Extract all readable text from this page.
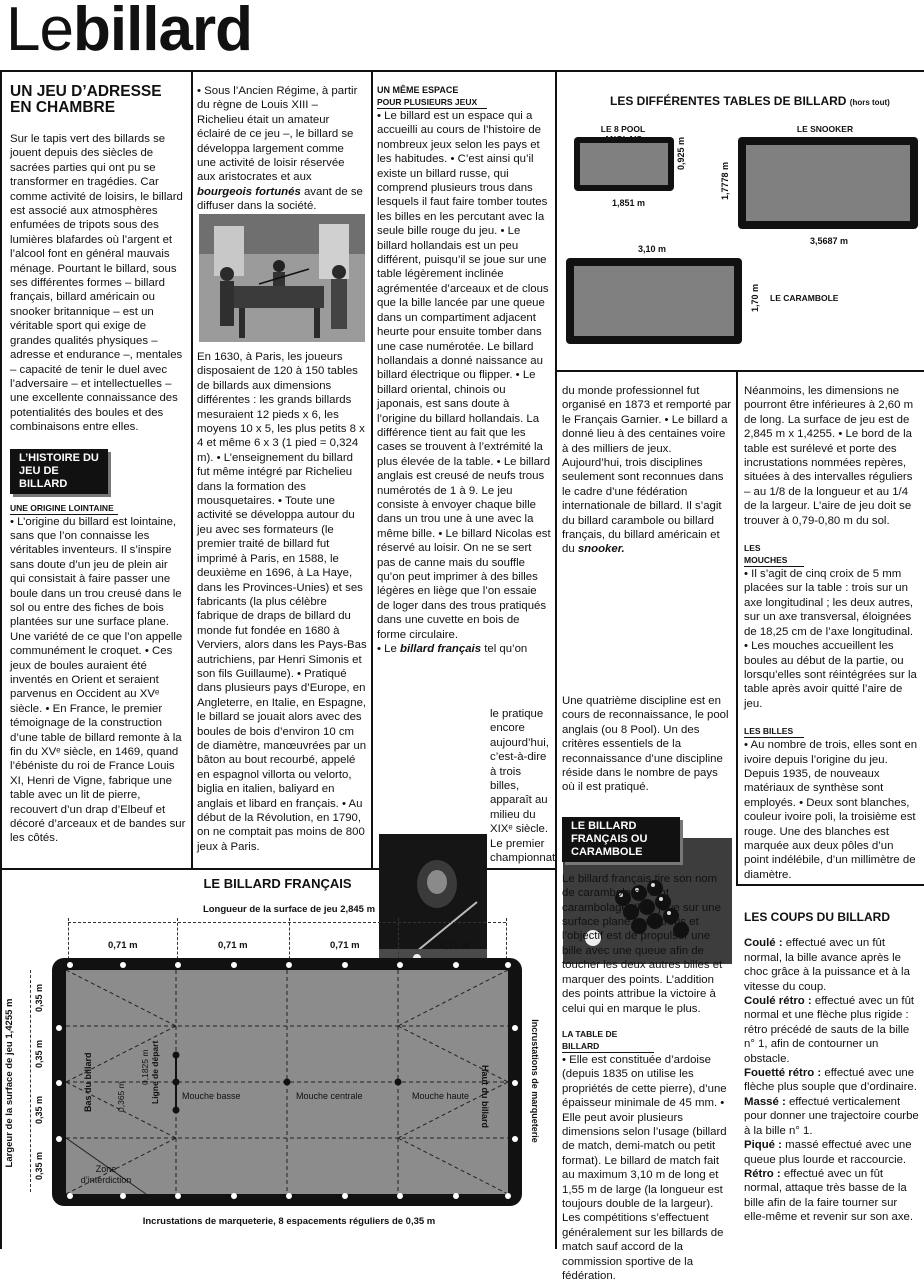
Lebillard
UN JEU D’ADRESSE EN CHAMBRE

Sur le tapis vert des billards se jouent depuis des siècles de sacrées parties qui ont pu se transformer en tragédies. Car comme activité de loisirs, le billard est associé aux atmosphères enfumées de tripots sous des lumières blafardes où l’argent et l’alcool font en général mauvais ménage. Pourtant le billard, sous ses différentes formes – billard français, billard américain ou snooker britannique – est un véritable sport qui exige de grandes qualités physiques – adresse et endurance –, mentales – capacité de tenir le duel avec l’adversaire – et intellectuelles – une excellente connaissance des potentialités des boules et des combinaisons entre elles.

L’HISTOIRE DU JEU DE BILLARD
UNE ORIGINE LOINTAINE

• L’origine du billard est lointaine, sans que l’on connaisse les véritables inventeurs. Il s’inspire sans doute d’un jeu de plein air qui consistait à faire passer une boule dans un trou creusé dans le sol ou entre des fiches de bois plantées sur une surface plane. Une variété de ce que l’on appelle communément le croquet. • Ces jeux de boules auraient été inventés en Orient et seraient parvenus en Occident au XVᵉ siècle. • En France, le premier témoignage de la construction d’une table de billard remonte à la fin du XVᵉ siècle, en 1469, quand l’ébéniste du roi de France Louis XI, Henri de Vigne, fabrique une table avec un lit de pierre, recouvert d’un drap d’Elbeuf et décoré d’arceaux et de bandes sur les côtés.

• Sous l’Ancien Régime, à partir du règne de Louis XIII – Richelieu était un amateur éclairé de ce jeu –, le billard se développa largement comme une activité de loisir réservée aux aristocrates et aux bourgeois fortunés avant de se diffuser dans la société.

En 1630, à Paris, les joueurs disposaient de 120 à 150 tables de billards aux dimensions différentes : les grands billards mesuraient 12 pieds x 6, les moyens 10 x 5, les plus petits 8 x 4 et même 6 x 3 (1 pied = 0,324 m). • L’enseignement du billard fut même intégré par Richelieu dans la formation des mousquetaires. • Toute une activité se développa autour du jeu avec ses formateurs (le premier traité de billard fut imprimé à Paris, en 1588, le deuxième en 1696, à La Haye, dans les Provinces-Unies) et ses fabricants (la plus célèbre fabrique de draps de billard du monde fut fondée en 1680 à Verviers, alors dans les Pays-Bas autrichiens, par Henri Simonis et son fils Guillaume). • Pratiqué dans plusieurs pays d’Europe, en Angleterre, en Italie, en Espagne, le billard se jouait alors avec des boules de bois d’environ 10 cm de diamètre, manœuvrées par un bâton au bout recourbé, appelé en espagnol villorta ou velorto, biglia en italien, baliyard en anglais et libard en français. • Au début de la Révolution, en 1790, on ne comptait pas moins de 800 jeux à Paris.

UN MÊME ESPACE
POUR PLUSIEURS JEUX

• Le billard est un espace qui a accueilli au cours de l’histoire de nombreux jeux selon les pays et les habitudes. • C’est ainsi qu’il existe un billard russe, qui comprend plusieurs trous dans lesquels il faut faire tomber toutes les billes en les percutant avec la seule bille rouge du jeu. • Le billard hollandais est un peu différent, puisqu’il se joue sur une table légèrement inclinée agrémentée d’arceaux et de clous que la bille lancée par une queue dans un compartiment adjacent heurte pour ensuite tomber dans une case numérotée. Le billard hollandais a donné naissance au billard électrique ou flipper. • Le billard oriental, chinois ou japonais, est sans doute à l’origine du billard hollandais. La différence tient au fait que les cases se trouvent à l’extrémité la plus élevée de la table. • Le billard anglais est creusé de neufs trous numérotés de 1 à 9. Le jeu consiste à envoyer chaque bille dans un trou une à une avec la même bille. • Le billard Nicolas est réservé au loisir. On ne se sert pas de canne mais du souffle qu’on peut imprimer à des billes légères en liège que l’on essaie de loger dans des trous pratiqués dans une cuvette en bois de forme circulaire.

• Le billard français tel qu’on

le pratique encore aujourd’hui, c’est-à-dire à trois billes, apparaît au milieu du XIXᵉ siècle. Le premier championnat

LES DIFFÉRENTES TABLES DE BILLARD (hors tout)
LE 8 POOL
1,851 m
0,925 m
LE SNOOKER
3,5687 m
1,7778 m
3,10 m
1,70 m LE CARAMBOLE

du monde professionnel fut organisé en 1873 et remporté par le Français Garnier. • Le billard a donné lieu à des centaines voire à des milliers de jeux. Aujourd’hui, trois disciplines seulement sont reconnues dans le cadre d’une fédération internationale de billard. Il s’agit du billard carambole ou billard français, du billard américain et du snooker.

Une quatrième discipline est en cours de reconnaissance, le pool anglais (ou 8 Pool). Un des critères essentiels de la reconnaissance d’une discipline réside dans le nombre de pays où il est pratiqué.

LE BILLARD FRANÇAIS OU CARAMBOLE

Le billard français tire son nom de carambole du mot carambolage. Il se joue sur une surface plane sans trous et l’objectif est de propulser une bille avec une queue afin de toucher les deux autres billes et marquer des points. L’addition des points attribue la victoire à celui qui en marque le plus.

LA TABLE DE BILLARD

• Elle est constituée d’ardoise (depuis 1835 on utilise les propriétés de cette pierre), d’une épaisseur minimale de 45 mm. • Elle peut avoir plusieurs dimensions selon l’usage (billard de match, demi-match ou petit format). Le billard de match fait au maximum 3,10 m de long et 1,55 m de large (la longueur est toujours double de la largeur). Les compétitions s’effectuent généralement sur les billards de match sauf accord de la commission sportive de la fédération.

Néanmoins, les dimensions ne pourront être inférieures à 2,60 m de long. La surface de jeu est de 2,845 m x 1,4255. • Le bord de la table est surélevé et porte des incrustations nommées repères, situées à des intervalles réguliers – au 1/8 de la longueur et au 1/4 de la largeur. L’aire de jeu doit se trouver à 0,79-0,80 m du sol.

LES MOUCHES

• Il s’agit de cinq croix de 5 mm placées sur la table : trois sur un axe longitudinal ; les deux autres, sur un axe transversal, éloignées de 18,25 cm de l’axe longitudinal. • Les mouches accueillent les boules au début de la partie, ou lorsqu’elles sont réintégrées sur la table après avoir quitté l’aire de jeu.

LES BILLES

• Au nombre de trois, elles sont en ivoire depuis l’origine du jeu. Depuis 1935, de nouveaux matériaux de synthèse sont employés. • Deux sont blanches, couleur ivoire poli, la troisième est rouge. Une des blanches est marquée aux deux pôles d’un point indélébile, d’un millimètre de diamètre.

LES COUPS DU BILLARD

Coulé : effectué avec un fût normal, la bille avance après le choc grâce à la puissance et à la vitesse du coup.

Coulé rétro : effectué avec un fût normal et une flèche plus rigide : rétro précédé de sauts de la bille n° 1, afin de contourner un obstacle.

Fouetté rétro : effectué avec une flèche plus souple que d’ordinaire.

Massé : effectué verticalement pour donner une trajectoire courbe à la bille n° 1.

Piqué : massé effectué avec une queue plus lourde et raccourcie.

Rétro : effectué avec un fût normal, attaque très basse de la bille afin de la faire tourner sur elle-même et revenir sur son axe.

LE BILLARD FRANÇAIS
Longueur de la surface de jeu 2,845 m
0,71 m	0,71 m	0,71 m	0,71 m
Largeur de la surface de jeu 1,4255 m
0,35 m
0,35 m
0,35 m
0,35 m
Bas du billard	Haut du billard
0,365 m
0,1825 m Ligne de départ Mouche basse	Mouche centrale	Mouche haute
Zone d’interdiction
Incrustations de marqueterie
Incrustations de marqueterie, 8 espacements réguliers de 0,35 m
